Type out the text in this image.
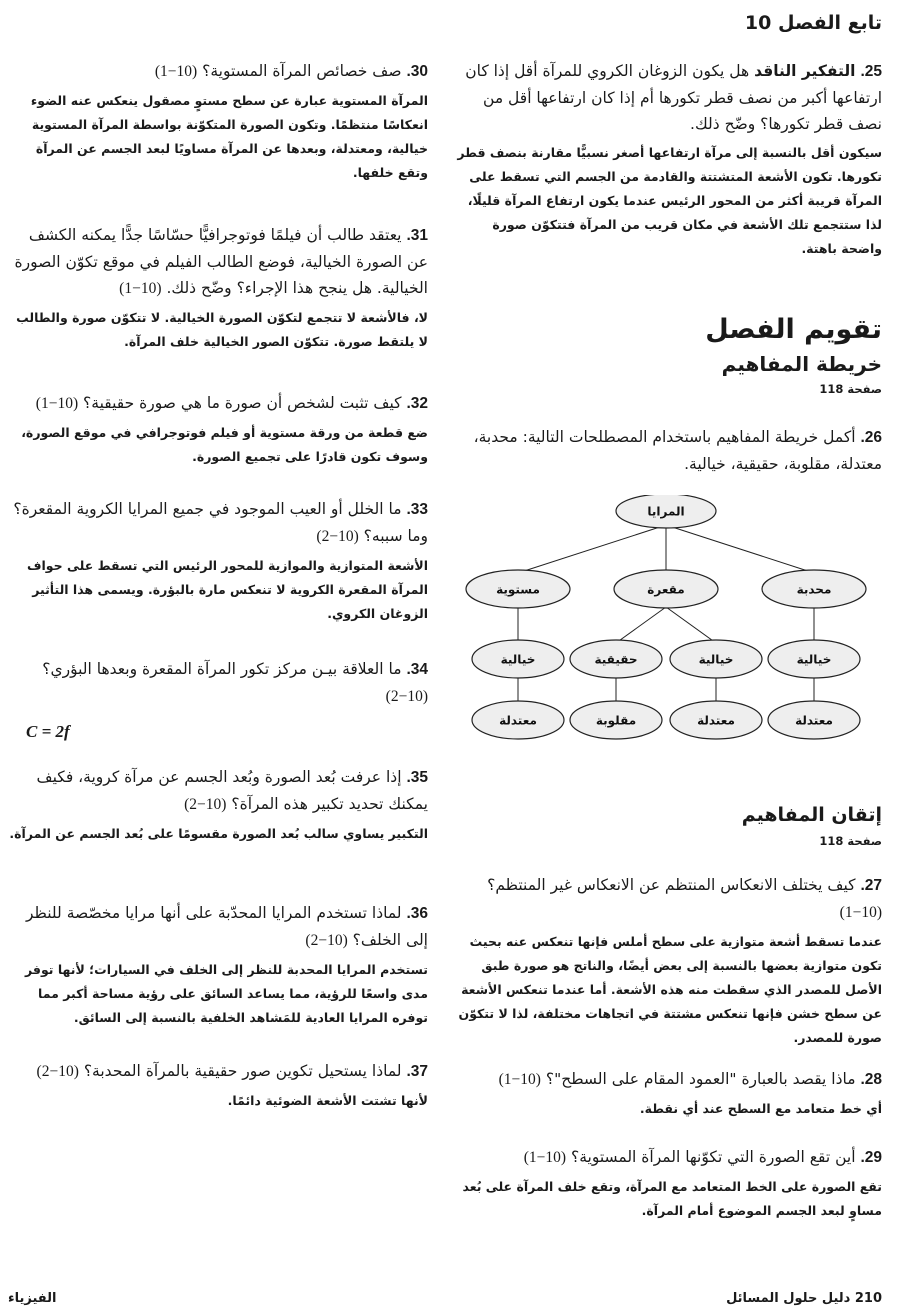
تابع الفصل 10

25. التفكير الناقد هل يكون الزوغان الكروي للمرآة أقل إذا كان ارتفاعها أكبر من نصف قطر تكورها أم إذا كان ارتفاعها أقل من نصف قطر تكورها؟ وضّح ذلك.

سيكون أقل بالنسبة إلى مرآة ارتفاعها أصغر نسبيًّا مقارنة بنصف قطر تكورها. تكون الأشعة المتشتتة والقادمة من الجسم التي تسقط على المرآة قريبة أكثر من المحور الرئيس عندما يكون ارتفاع المرآة قليلًا، لذا ستتجمع تلك الأشعة في مكان قريب من المرآة فتتكوّن صورة واضحة باهتة.

تقويم الفصل
خريطة المفاهيم
صفحة 118

26. أكمل خريطة المفاهيم باستخدام المصطلحات التالية: محدبة، معتدلة، مقلوبة، حقيقية، خيالية.

المرايا
مستوية	مقعرة	محدبة
خيالية
معتدلة
حقيقية	خيالية
مقلوبة	معتدلة
خيالية
معتدلة
إتقان المفاهيم
صفحة 118

27. كيف يختلف الانعكاس المنتظم عن الانعكاس غير المنتظم؟ (10−1)

عندما تسقط أشعة متوازية على سطح أملس فإنها تنعكس عنه بحيث تكون متوازية بعضها بالنسبة إلى بعض أيضًا، والناتج هو صورة طبق الأصل للمصدر الذي سقطت منه هذه الأشعة. أما عندما تنعكس الأشعة عن سطح خشن فإنها تنعكس مشتتة في اتجاهات مختلفة، لذا لا تتكوّن صورة للمصدر.

28. ماذا يقصد بالعبارة "العمود المقام على السطح"؟ (10−1)

أي خط متعامد مع السطح عند أي نقطة.

29. أين تقع الصورة التي تكوّنها المرآة المستوية؟ (10−1)

تقع الصورة على الخط المتعامد مع المرآة، وتقع خلف المرآة على بُعد مساوٍ لبعد الجسم الموضوع أمام المرآة.

30. صف خصائص المرآة المستوية؟ (10−1)

المرآة المستوية عبارة عن سطح مستوٍ مصقول ينعكس عنه الضوء انعكاسًا منتظمًا. وتكون الصورة المتكوّنة بواسطة المرآة المستوية خيالية، ومعتدلة، وبعدها عن المرآة مساويًا لبعد الجسم عن المرآة وتقع خلفها.

31. يعتقد طالب أن فيلمًا فوتوجرافيًّا حسّاسًا جدًّا يمكنه الكشف عن الصورة الخيالية، فوضع الطالب الفيلم في موقع تكوّن الصورة الخيالية. هل ينجح هذا الإجراء؟ وضّح ذلك. (10−1)

لا، فالأشعة لا تتجمع لتكوّن الصورة الخيالية. لا تتكوّن صورة والطالب لا يلتقط صورة. تتكوّن الصور الخيالية خلف المرآة.

32. كيف تثبت لشخص أن صورة ما هي صورة حقيقية؟ (10−1)

ضع قطعة من ورقة مستوية أو فيلم فوتوجرافي في موقع الصورة، وسوف تكون قادرًا على تجميع الصورة.

33. ما الخلل أو العيب الموجود في جميع المرايا الكروية المقعرة؟ وما سببه؟ (10−2)

الأشعة المتوازية والموازية للمحور الرئيس التي تسقط على حواف المرآة المقعرة الكروية لا تنعكس مارة بالبؤرة. ويسمى هذا التأثير الزوغان الكروي.

34. ما العلاقة بيـن مركز تكور المرآة المقعرة وبعدها البؤري؟ (10−2)

C = 2f

35. إذا عرفت بُعد الصورة وبُعد الجسم عن مرآة كروية، فكيف يمكنك تحديد تكبير هذه المرآة؟ (10−2)

التكبير يساوي سالب بُعد الصورة مقسومًا على بُعد الجسم عن المرآة.

36. لماذا تستخدم المرايا المحدّبة على أنها مرايا مخصّصة للنظر إلى الخلف؟ (10−2)

تستخدم المرايا المحدبة للنظر إلى الخلف في السيارات؛ لأنها توفر مدى واسعًا للرؤية، مما يساعد السائق على رؤية مساحة أكبر مما توفره المرايا العادية للمَشاهد الخلفية بالنسبة إلى السائق.

37. لماذا يستحيل تكوين صور حقيقية بالمرآة المحدبة؟ (10−2)

لأنها تشتت الأشعة الضوئية دائمًا.

210 دليل حلول المسائل
الفيزياء
